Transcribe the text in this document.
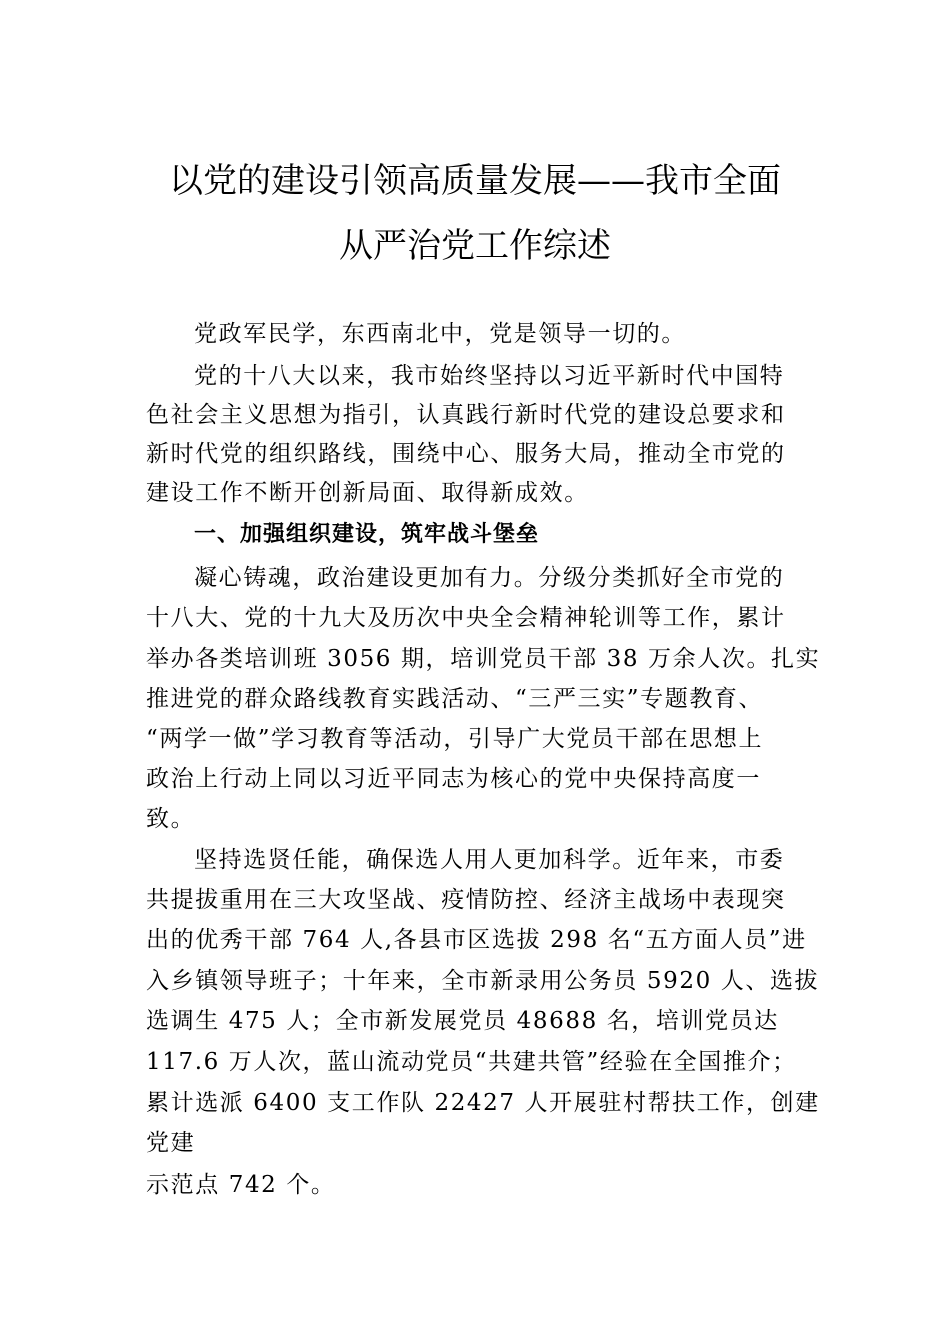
以党的建设引领高质量发展——我市全面
从严治党工作综述
党政军民学，东西南北中，党是领导一切的。
党的十八大以来，我市始终坚持以习近平新时代中国特
色社会主义思想为指引，认真践行新时代党的建设总要求和
新时代党的组织路线，围绕中心、服务大局，推动全市党的
建设工作不断开创新局面、取得新成效。
一、加强组织建设，筑牢战斗堡垒
凝心铸魂，政治建设更加有力。分级分类抓好全市党的
十八大、党的十九大及历次中央全会精神轮训等工作，累计
举办各类培训班 3056 期，培训党员干部 38 万余人次。扎实
推进党的群众路线教育实践活动、“三严三实”专题教育、
“两学一做”学习教育等活动，引导广大党员干部在思想上
政治上行动上同以习近平同志为核心的党中央保持高度一
致。
坚持选贤任能，确保选人用人更加科学。近年来，市委
共提拔重用在三大攻坚战、疫情防控、经济主战场中表现突
出的优秀干部 764 人,各县市区选拔 298 名“五方面人员”进
入乡镇领导班子；十年来，全市新录用公务员 5920 人、选拔
选调生 475 人；全市新发展党员 48688 名，培训党员达
117.6 万人次，蓝山流动党员“共建共管”经验在全国推介；
累计选派 6400 支工作队 22427 人开展驻村帮扶工作，创建
党建
示范点 742 个。
